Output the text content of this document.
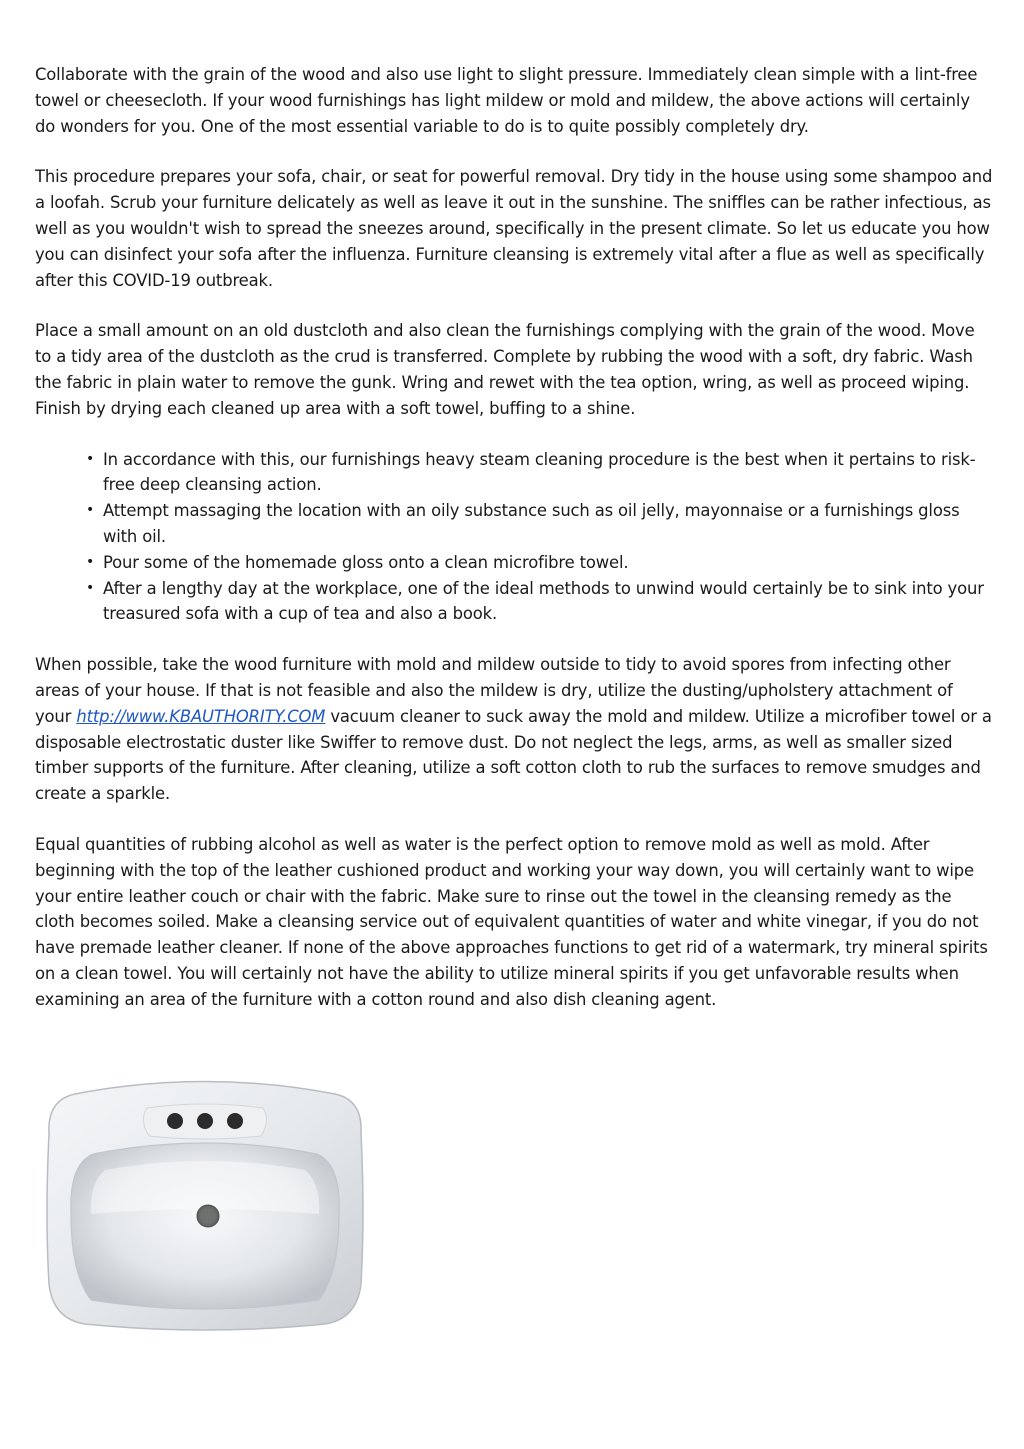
Collaborate with the grain of the wood and also use light to slight pressure. Immediately clean simple with a lint-free towel or cheesecloth. If your wood furnishings has light mildew or mold and mildew, the above actions will certainly do wonders for you. One of the most essential variable to do is to quite possibly completely dry.

This procedure prepares your sofa, chair, or seat for powerful removal. Dry tidy in the house using some shampoo and a loofah. Scrub your furniture delicately as well as leave it out in the sunshine. The sniffles can be rather infectious, as well as you wouldn't wish to spread the sneezes around, specifically in the present climate. So let us educate you how you can disinfect your sofa after the influenza. Furniture cleansing is extremely vital after a flue as well as specifically after this COVID-19 outbreak.

Place a small amount on an old dustcloth and also clean the furnishings complying with the grain of the wood. Move to a tidy area of the dustcloth as the crud is transferred. Complete by rubbing the wood with a soft, dry fabric. Wash the fabric in plain water to remove the gunk. Wring and rewet with the tea option, wring, as well as proceed wiping. Finish by drying each cleaned up area with a soft towel, buffing to a shine.

• In accordance with this, our furnishings heavy steam cleaning procedure is the best when it pertains to risk-free deep cleansing action.
• Attempt massaging the location with an oily substance such as oil jelly, mayonnaise or a furnishings gloss with oil.
• Pour some of the homemade gloss onto a clean microfibre towel.
• After a lengthy day at the workplace, one of the ideal methods to unwind would certainly be to sink into your treasured sofa with a cup of tea and also a book.

When possible, take the wood furniture with mold and mildew outside to tidy to avoid spores from infecting other areas of your house. If that is not feasible and also the mildew is dry, utilize the dusting/upholstery attachment of your http://www.KBAUTHORITY.COM vacuum cleaner to suck away the mold and mildew. Utilize a microfiber towel or a disposable electrostatic duster like Swiffer to remove dust. Do not neglect the legs, arms, as well as smaller sized timber supports of the furniture. After cleaning, utilize a soft cotton cloth to rub the surfaces to remove smudges and create a sparkle.

Equal quantities of rubbing alcohol as well as water is the perfect option to remove mold as well as mold. After beginning with the top of the leather cushioned product and working your way down, you will certainly want to wipe your entire leather couch or chair with the fabric. Make sure to rinse out the towel in the cleansing remedy as the cloth becomes soiled. Make a cleansing service out of equivalent quantities of water and white vinegar, if you do not have premade leather cleaner. If none of the above approaches functions to get rid of a watermark, try mineral spirits on a clean towel. You will certainly not have the ability to utilize mineral spirits if you get unfavorable results when examining an area of the furniture with a cotton round and also dish cleaning agent.
